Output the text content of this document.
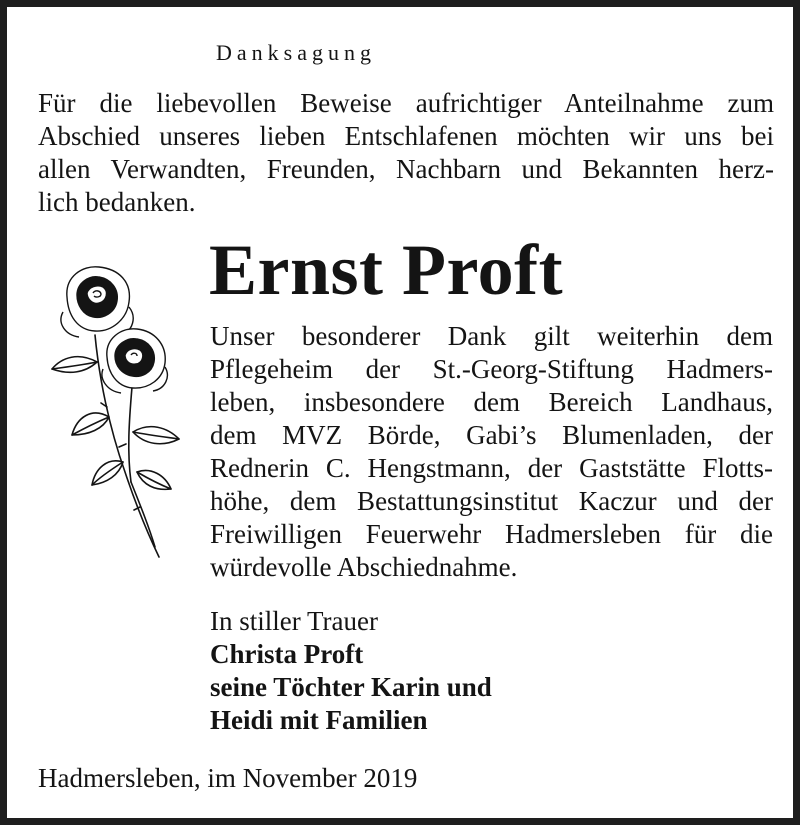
Danksagung
Für die liebevollen Beweise aufrichtiger Anteilnahme zum
Abschied unseres lieben Entschlafenen möchten wir uns bei
allen Verwandten, Freunden, Nachbarn und Bekannten herz-
lich bedanken.
Ernst Proft
Unser besonderer Dank gilt weiterhin dem
Pflegeheim der St.-Georg-Stiftung Hadmers-
leben, insbesondere dem Bereich Landhaus,
dem MVZ Börde, Gabi’s Blumenladen, der
Rednerin C. Hengstmann, der Gaststätte Flotts-
höhe, dem Bestattungsinstitut Kaczur und der
Freiwilligen Feuerwehr Hadmersleben für die
würdevolle Abschiednahme.
In stiller Trauer
Christa Proft
seine Töchter Karin und
Heidi mit Familien
Hadmersleben, im November 2019
